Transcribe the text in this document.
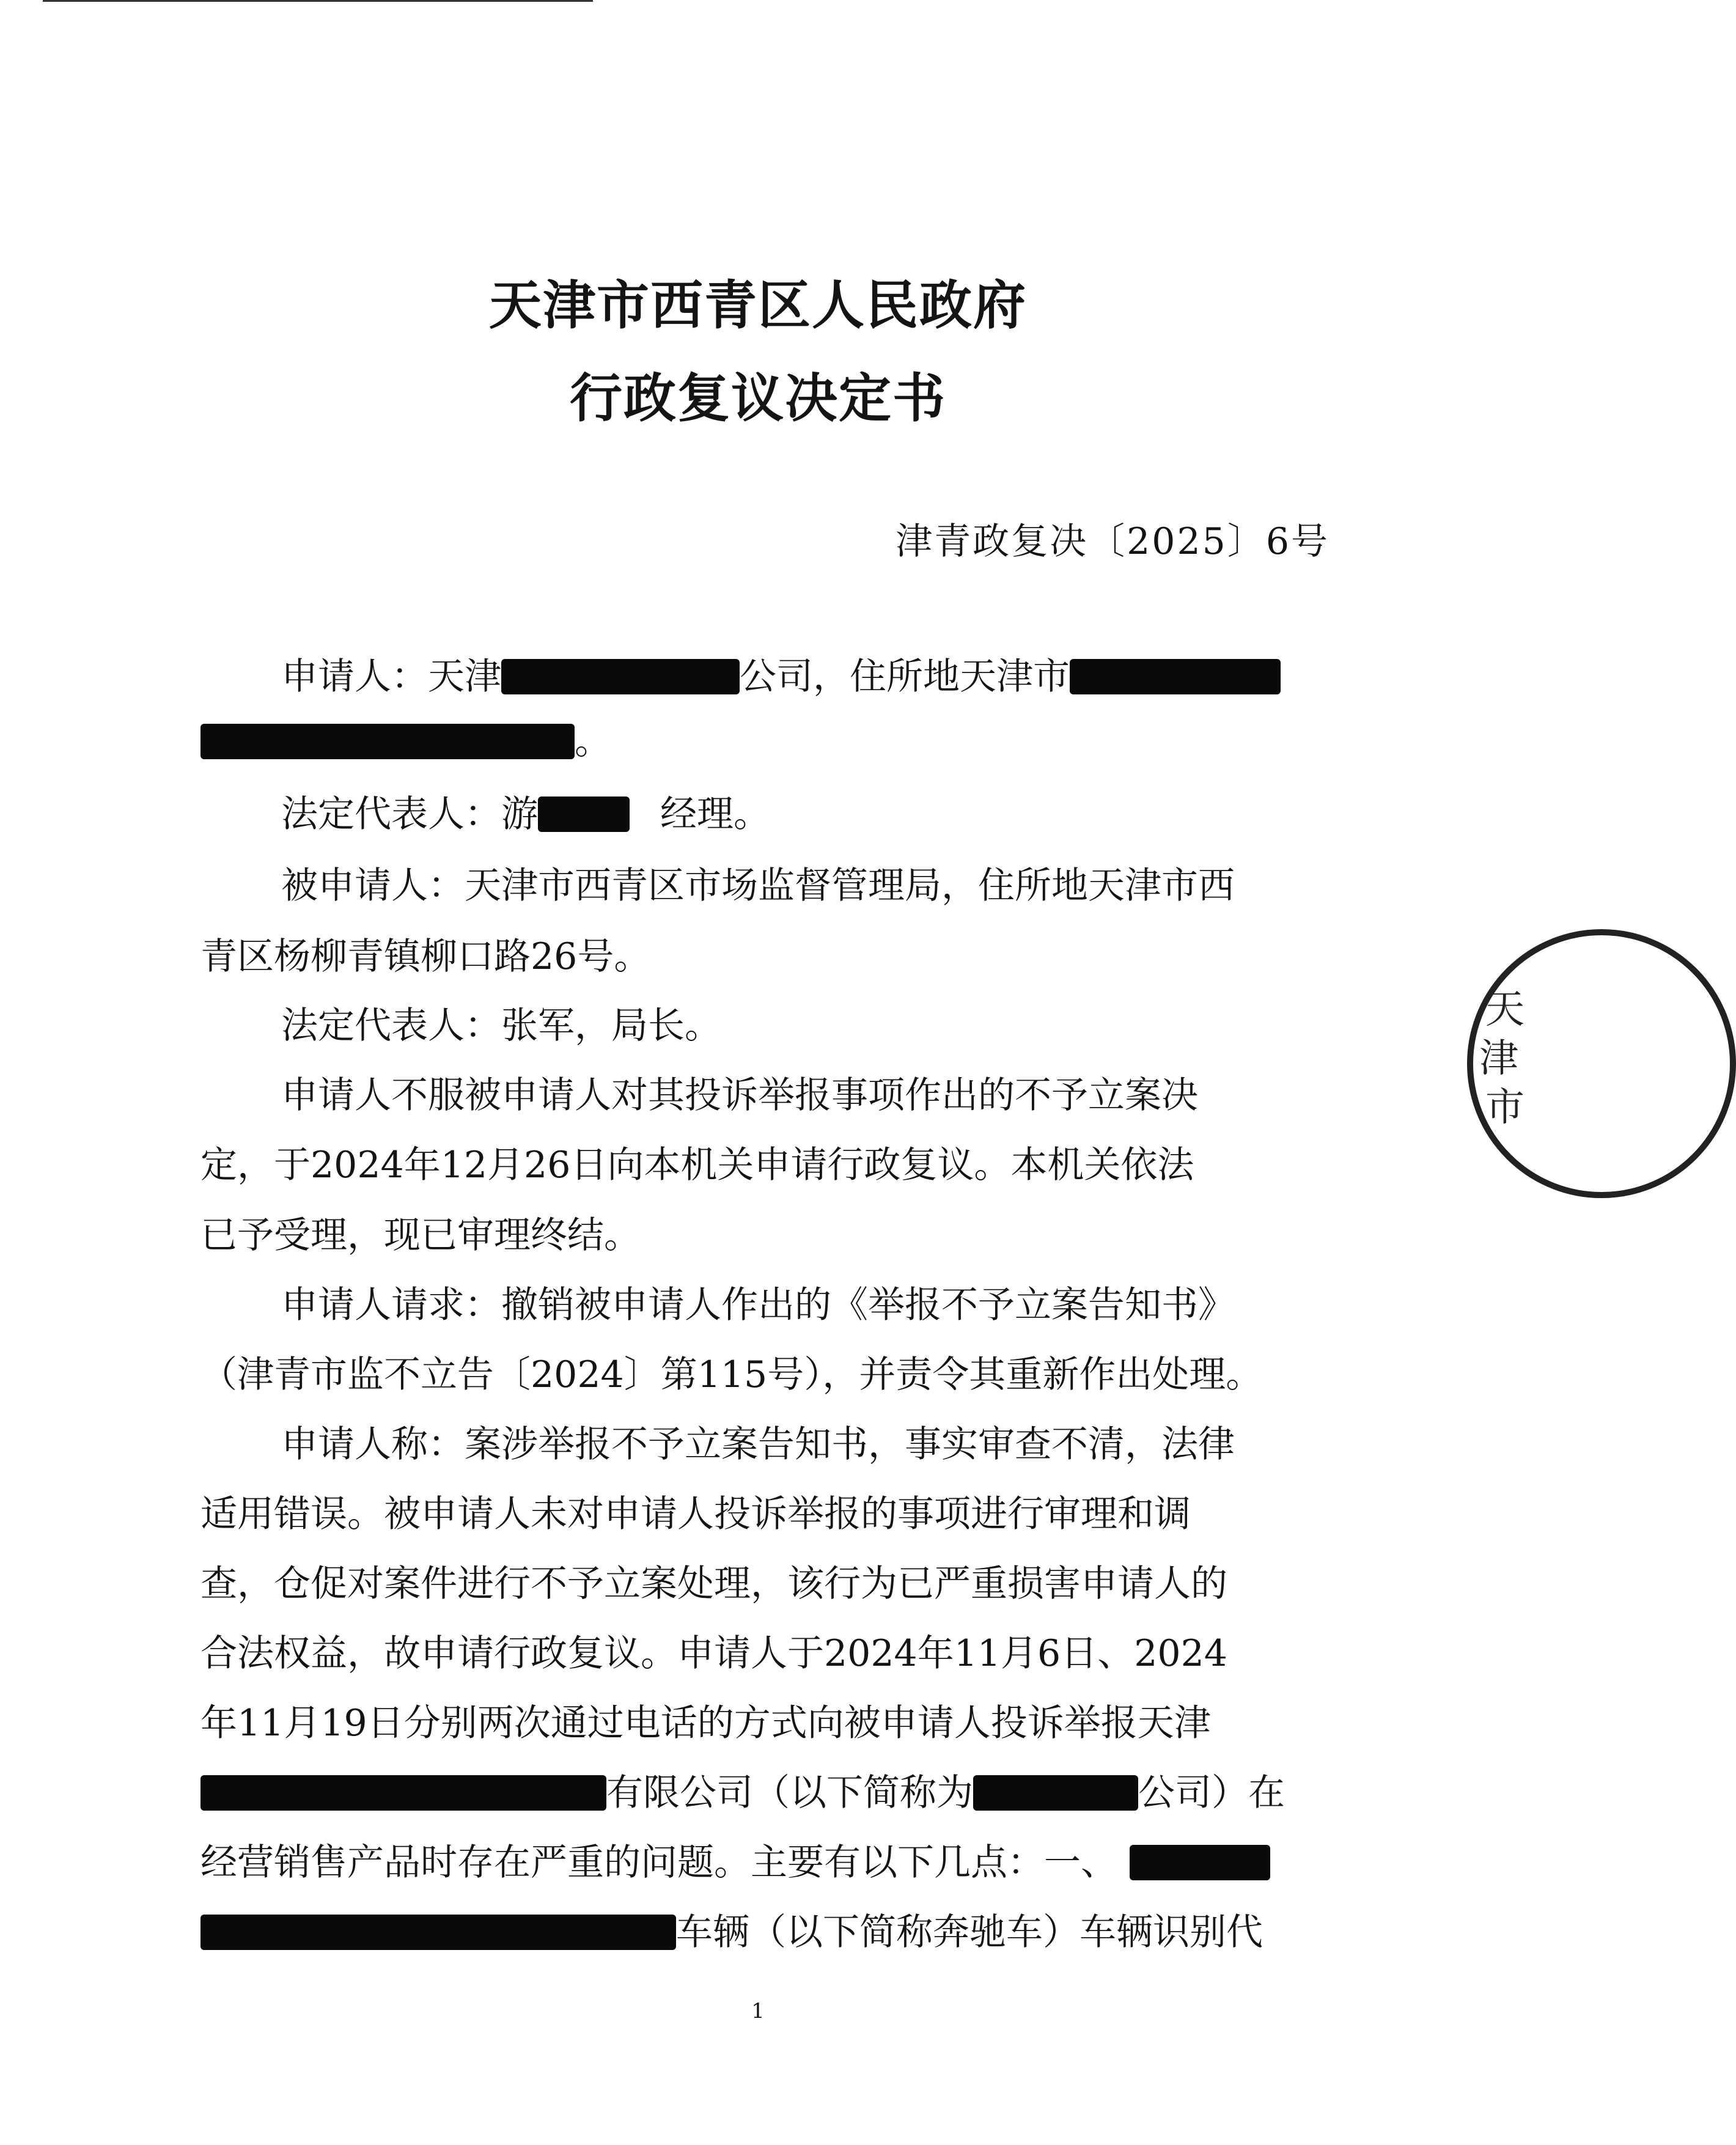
天津市西青区人民政府
行政复议决定书
津青政复决〔2025〕6号
申请人：天津	公司，住所地天津市
。
法定代表人：游	经理。
被申请人：天津市西青区市场监督管理局，住所地天津市西
青区杨柳青镇柳口路26号。
法定代表人：张军，局长。
申请人不服被申请人对其投诉举报事项作出的不予立案决
定，于2024年12月26日向本机关申请行政复议。本机关依法
已予受理，现已审理终结。
申请人请求：撤销被申请人作出的《举报不予立案告知书》
（津青市监不立告〔2024〕第115号），并责令其重新作出处理。
申请人称：案涉举报不予立案告知书，事实审查不清，法律
适用错误。被申请人未对申请人投诉举报的事项进行审理和调
查，仓促对案件进行不予立案处理，该行为已严重损害申请人的
合法权益，故申请行政复议。申请人于2024年11月6日、2024
年11月19日分别两次通过电话的方式向被申请人投诉举报天津
有限公司（以下简称为	公司）在
经营销售产品时存在严重的问题。主要有以下几点：一、
车辆（以下简称奔驰车）车辆识别代
1
天
津
市
